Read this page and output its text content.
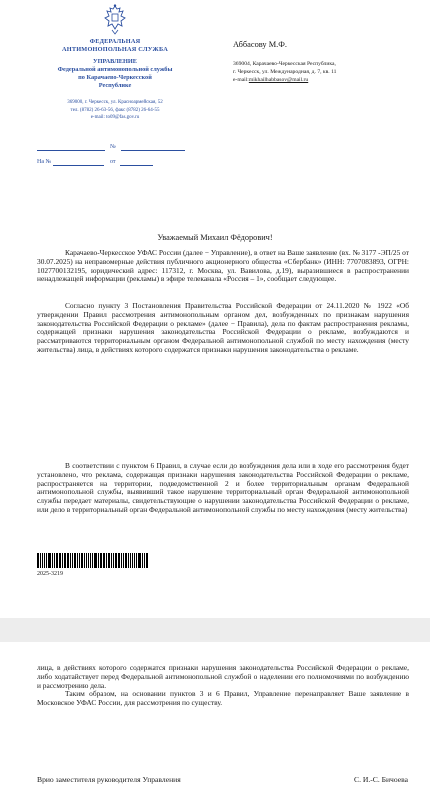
ФЕДЕРАЛЬНАЯ
АНТИМОНОПОЛЬНАЯ СЛУЖБА
УПРАВЛЕНИЕ
Федеральной антимонопольной службы
по Карачаево-Черкесской
Республике
369000, г. Черкесск, ул. Красноармейская, 52
тел. (8782) 26-63-56, факс (8782) 26-64-55
e-mail: to09@fas.gov.ru
№
На №	от
Аббасову М.Ф.
369004, Карачаево-Черкесская Республика,
г. Черкесск, ул. Международная, д. 7, кв. 11
e-mail:mikhailhabbasov@mail.ru
Уважаемый Михаил Фёдорович!

Карачаево-Черкесское УФАС России (далее − Управление), в ответ на Ваше заявление (вх. № 3177 -ЭП/25 от 30.07.2025) на неправомерные действия публичного акционерного общества «Сбербанк» (ИНН: 7707083893, ОГРН: 1027700132195, юридический адрес: 117312, г. Москва, ул. Вавилова, д.19), выразившиеся в распространении ненадлежащей информации (рекламы) в эфире телеканала «Россия – 1», сообщает следующее.

Согласно пункту 3 Постановления Правительства Российской Федерации от 24.11.2020 № 1922 «Об утверждении Правил рассмотрения антимонопольным органом дел, возбужденных по признакам нарушения законодательства Российской Федерации о рекламе» (далее − Правила), дела по фактам распространения рекламы, содержащей признаки нарушения законодательства Российской Федерации о рекламе, возбуждаются и рассматриваются территориальным органом Федеральной антимонопольной службой по месту нахождения (месту жительства) лица, в действиях которого содержатся признаки нарушения законодательства о рекламе.

В соответствии с пунктом 6 Правил, в случае если до возбуждения дела или в ходе его рассмотрения будет установлено, что реклама, содержащая признаки нарушения законодательства Российской Федерации о рекламе, распространяется на территории, подведомственной 2 и более территориальным органам Федеральной антимонопольной службы, выявивший такое нарушение территориальный орган Федеральной антимонопольной службы передает материалы, свидетельствующие о нарушении законодательства Российской Федерации о рекламе, или дело в территориальный орган Федеральной антимонопольной службы по месту нахождения (месту жительства)

2025-3219

лица, в действиях которого содержатся признаки нарушения законодательства Российской Федерации о рекламе, либо ходатайствует перед Федеральной антимонопольной службой о наделении его полномочиями по возбуждению и рассмотрению дела.

Таким образом, на основании пунктов 3 и 6 Правил, Управление перенаправляет Ваше заявление в Московское УФАС России, для рассмотрения по существу.

Врио заместителя руководителя Управления	С. И.-С. Бичоева
